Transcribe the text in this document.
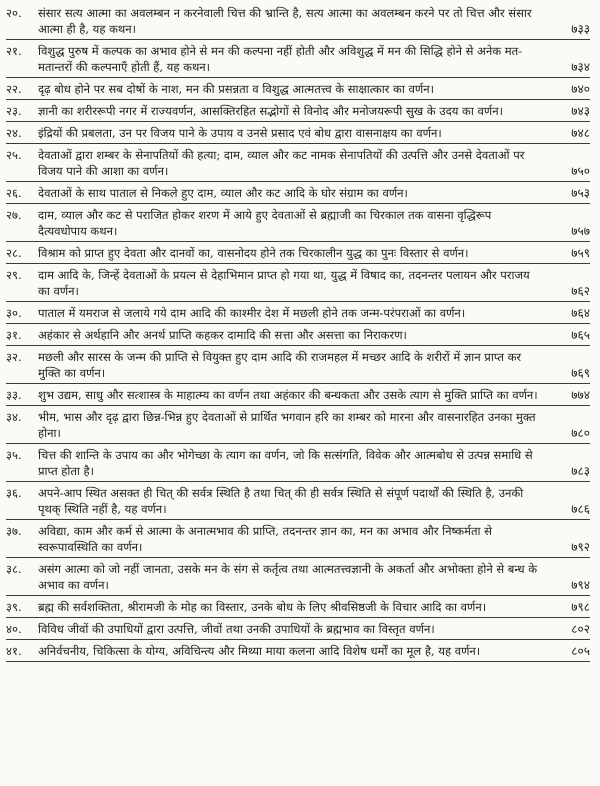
२०.	संसार सत्य आत्मा का अवलम्बन न करनेवाली चित्त की भ्रान्ति है, सत्य आत्मा का अवलम्बन करने पर तो चित्त और संसार आत्मा ही है, यह कथन।	७३३
२१.	विशुद्ध पुरुष में कल्पक का अभाव होने से मन की कल्पना नहीं होती और अविशुद्ध में मन की सिद्धि होने से अनेक मत-मतान्तरों की कल्पनाएँ होती हैं, यह कथन।	७३४
२२.	दृढ़ बोध होने पर सब दोषों के नाश, मन की प्रसन्नता व विशुद्ध आत्मतत्त्व के साक्षात्कार का वर्णन।	७४०
२३.	ज्ञानी का शरीररूपी नगर में राज्यवर्णन, आसक्तिरहित सद्भोगों से विनोद और मनोजयरूपी सुख के उदय का वर्णन।	७४३
२४.	इंद्रियों की प्रबलता, उन पर विजय पाने के उपाय व उनसे प्रसाद एवं बोध द्वारा वासनाक्षय का वर्णन।	७४८
२५.	देवताओं द्वारा शम्बर के सेनापतियों की हत्या; दाम, व्याल और कट नामक सेनापतियों की उत्पत्ति और उनसे देवताओं पर विजय पाने की आशा का वर्णन।	७५०
२६.	देवताओं के साथ पाताल से निकले हुए दाम, व्याल और कट आदि के घोर संग्राम का वर्णन।	७५३
२७.	दाम, व्याल और कट से पराजित होकर शरण में आये हुए देवताओं से ब्रह्माजी का चिरकाल तक वासना वृद्धिरूप दैत्यवधोपाय कथन।	७५७
२८.	विश्राम को प्राप्त हुए देवता और दानवों का, वासनोदय होने तक चिरकालीन युद्ध का पुनः विस्तार से वर्णन।	७५९
२९.	दाम आदि के, जिन्हें देवताओं के प्रयत्न से देहाभिमान प्राप्त हो गया था, युद्ध में विषाद का, तदनन्तर पलायन और पराजय का वर्णन।	७६२
३०.	पाताल में यमराज से जलाये गये दाम आदि की काश्मीर देश में मछली होने तक जन्म-परंपराओं का वर्णन।	७६४
३१.	अहंकार से अर्थहानि और अनर्थ प्राप्ति कहकर दामादि की सत्ता और असत्ता का निराकरण।	७६५
३२.	मछली और सारस के जन्म की प्राप्ति से वियुक्त हुए दाम आदि की राजमहल में मच्छर आदि के शरीरों में ज्ञान प्राप्त कर मुक्ति का वर्णन।	७६९
३३.	शुभ उद्यम, साधु और सत्शास्त्र के माहात्म्य का वर्णन तथा अहंकार की बन्धकता और उसके त्याग से मुक्ति प्राप्ति का वर्णन।	७७४
३४.	भीम, भास और दृढ़ द्वारा छिन्न-भिन्न हुए देवताओं से प्रार्थित भगवान हरि का शम्बर को मारना और वासनारहित उनका मुक्त होना।	७८०
३५.	चित्त की शान्ति के उपाय का और भोगेच्छा के त्याग का वर्णन, जो कि सत्संगति, विवेक और आत्मबोध से उत्पन्न समाधि से प्राप्त होता है।	७८३
३६.	अपने-आप स्थित असक्त ही चित् की सर्वत्र स्थिति है तथा चित् की ही सर्वत्र स्थिति से संपूर्ण पदार्थों की स्थिति है, उनकी पृथक् स्थिति नहीं है, यह वर्णन।	७८६
३७.	अविद्या, काम और कर्म से आत्मा के अनात्मभाव की प्राप्ति, तदनन्तर ज्ञान का, मन का अभाव और निष्कर्मता से स्वरूपावस्थिति का वर्णन।	७९२
३८.	असंग आत्मा को जो नहीं जानता, उसके मन के संग से कर्तृत्व तथा आत्मतत्त्वज्ञानी के अकर्ता और अभोक्ता होने से बन्ध के अभाव का वर्णन।	७९४
३९.	ब्रह्म की सर्वशक्तिता, श्रीरामजी के मोह का विस्तार, उनके बोध के लिए श्रीवसिष्ठजी के विचार आदि का वर्णन।	७९८
४०.	विविध जीवों की उपाधियों द्वारा उत्पत्ति, जीवों तथा उनकी उपाधियों के ब्रह्मभाव का विस्तृत वर्णन।	८०२
४१.	अनिर्वचनीय, चिकित्सा के योग्य, अविचिन्त्य और मिथ्या माया कलना आदि विशेष धर्मों का मूल है, यह वर्णन।	८०५
